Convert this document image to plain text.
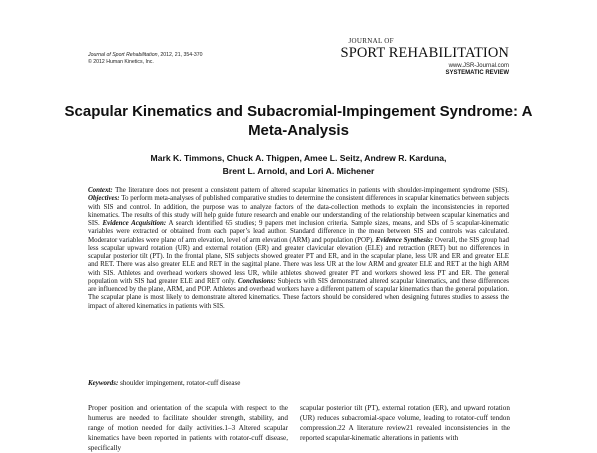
Journal of Sport Rehabilitation, 2012, 21, 354-370
© 2012 Human Kinetics, Inc.
JOURNAL OF
SPORT REHABILITATION
www.JSR-Journal.com
SYSTEMATIC REVIEW
Scapular Kinematics and Subacromial-Impingement Syndrome: A Meta-Analysis
Mark K. Timmons, Chuck A. Thigpen, Amee L. Seitz, Andrew R. Karduna,
Brent L. Arnold, and Lori A. Michener
Context: The literature does not present a consistent pattern of altered scapular kinematics in patients with shoulder-impingement syndrome (SIS). Objectives: To perform meta-analyses of published comparative studies to determine the consistent differences in scapular kinematics between subjects with SIS and control. In addition, the purpose was to analyze factors of the data-collection methods to explain the inconsistencies in reported kinematics. The results of this study will help guide future research and enable our understanding of the relationship between scapular kinematics and SIS. Evidence Acquisition: A search identified 65 studies; 9 papers met inclusion criteria. Sample sizes, means, and SDs of 5 scapular-kinematic variables were extracted or obtained from each paper’s lead author. Standard difference in the mean between SIS and controls was calculated. Moderator variables were plane of arm elevation, level of arm elevation (ARM) and population (POP). Evidence Synthesis: Overall, the SIS group had less scapular upward rotation (UR) and external rotation (ER) and greater clavicular elevation (ELE) and retraction (RET) but no differences in scapular posterior tilt (PT). In the frontal plane, SIS subjects showed greater PT and ER, and in the scapular plane, less UR and ER and greater ELE and RET. There was also greater ELE and RET in the sagittal plane. There was less UR at the low ARM and greater ELE and RET at the high ARM with SIS. Athletes and overhead workers showed less UR, while athletes showed greater PT and workers showed less PT and ER. The general population with SIS had greater ELE and RET only. Conclusions: Subjects with SIS demonstrated altered scapular kinematics, and these differences are influenced by the plane, ARM, and POP. Athletes and overhead workers have a different pattern of scapular kinematics than the general population. The scapular plane is most likely to demonstrate altered kinematics. These factors should be considered when designing futures studies to assess the impact of altered kinematics in patients with SIS.
Keywords: shoulder impingement, rotator-cuff disease
Proper position and orientation of the scapula with respect to the humerus are needed to facilitate shoulder strength, stability, and range of motion needed for daily activities.1–3 Altered scapular kinematics have been reported in patients with rotator-cuff disease, specifically
scapular posterior tilt (PT), external rotation (ER), and upward rotation (UR) reduces subacromial-space volume, leading to rotator-cuff tendon compression.22 A literature review21 revealed inconsistencies in the reported scapular-kinematic alterations in patients with
